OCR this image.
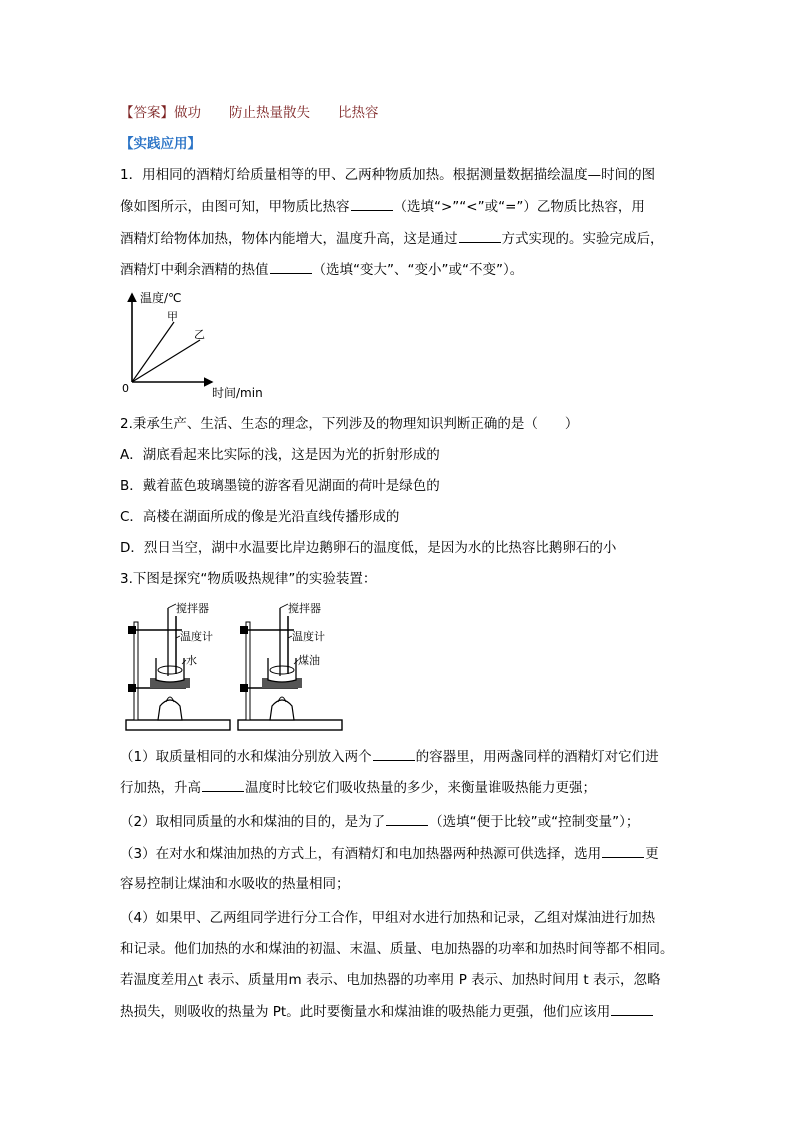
【答案】做功 防止热量散失 比热容
【实践应用】
1．用相同的酒精灯给质量相等的甲、乙两种物质加热。根据测量数据描绘温度—时间的图
像如图所示，由图可知，甲物质比热容	（选填“>”“<”或“=”）乙物质比热容，用
酒精灯给物体加热，物体内能增大，温度升高，这是通过	方式实现的。实验完成后，
酒精灯中剩余酒精的热值	（选填“变大”、“变小”或“不变”）。
温度/℃
时间/min
0
甲
乙
2.秉承生产、生活、生态的理念，下列涉及的物理知识判断正确的是（　　）
A．湖底看起来比实际的浅，这是因为光的折射形成的
B．戴着蓝色玻璃墨镜的游客看见湖面的荷叶是绿色的
C．高楼在湖面所成的像是光沿直线传播形成的
D．烈日当空，湖中水温要比岸边鹅卵石的温度低，是因为水的比热容比鹅卵石的小
3.下图是探究“物质吸热规律”的实验装置：
搅拌器
温度计
水
搅拌器
温度计
煤油
（1）取质量相同的水和煤油分别放入两个	的容器里，用两盏同样的酒精灯对它们进
行加热，升高	温度时比较它们吸收热量的多少，来衡量谁吸热能力更强；
（2）取相同质量的水和煤油的目的，是为了	（选填“便于比较”或“控制变量”）；
（3）在对水和煤油加热的方式上，有酒精灯和电加热器两种热源可供选择，选用	更
容易控制让煤油和水吸收的热量相同；
（4）如果甲、乙两组同学进行分工合作，甲组对水进行加热和记录，乙组对煤油进行加热
和记录。他们加热的水和煤油的初温、末温、质量、电加热器的功率和加热时间等都不相同。
若温度差用△t 表示、质量用m 表示、电加热器的功率用 P 表示、加热时间用 t 表示，忽略
热损失，则吸收的热量为 Pt。此时要衡量水和煤油谁的吸热能力更强，他们应该用
